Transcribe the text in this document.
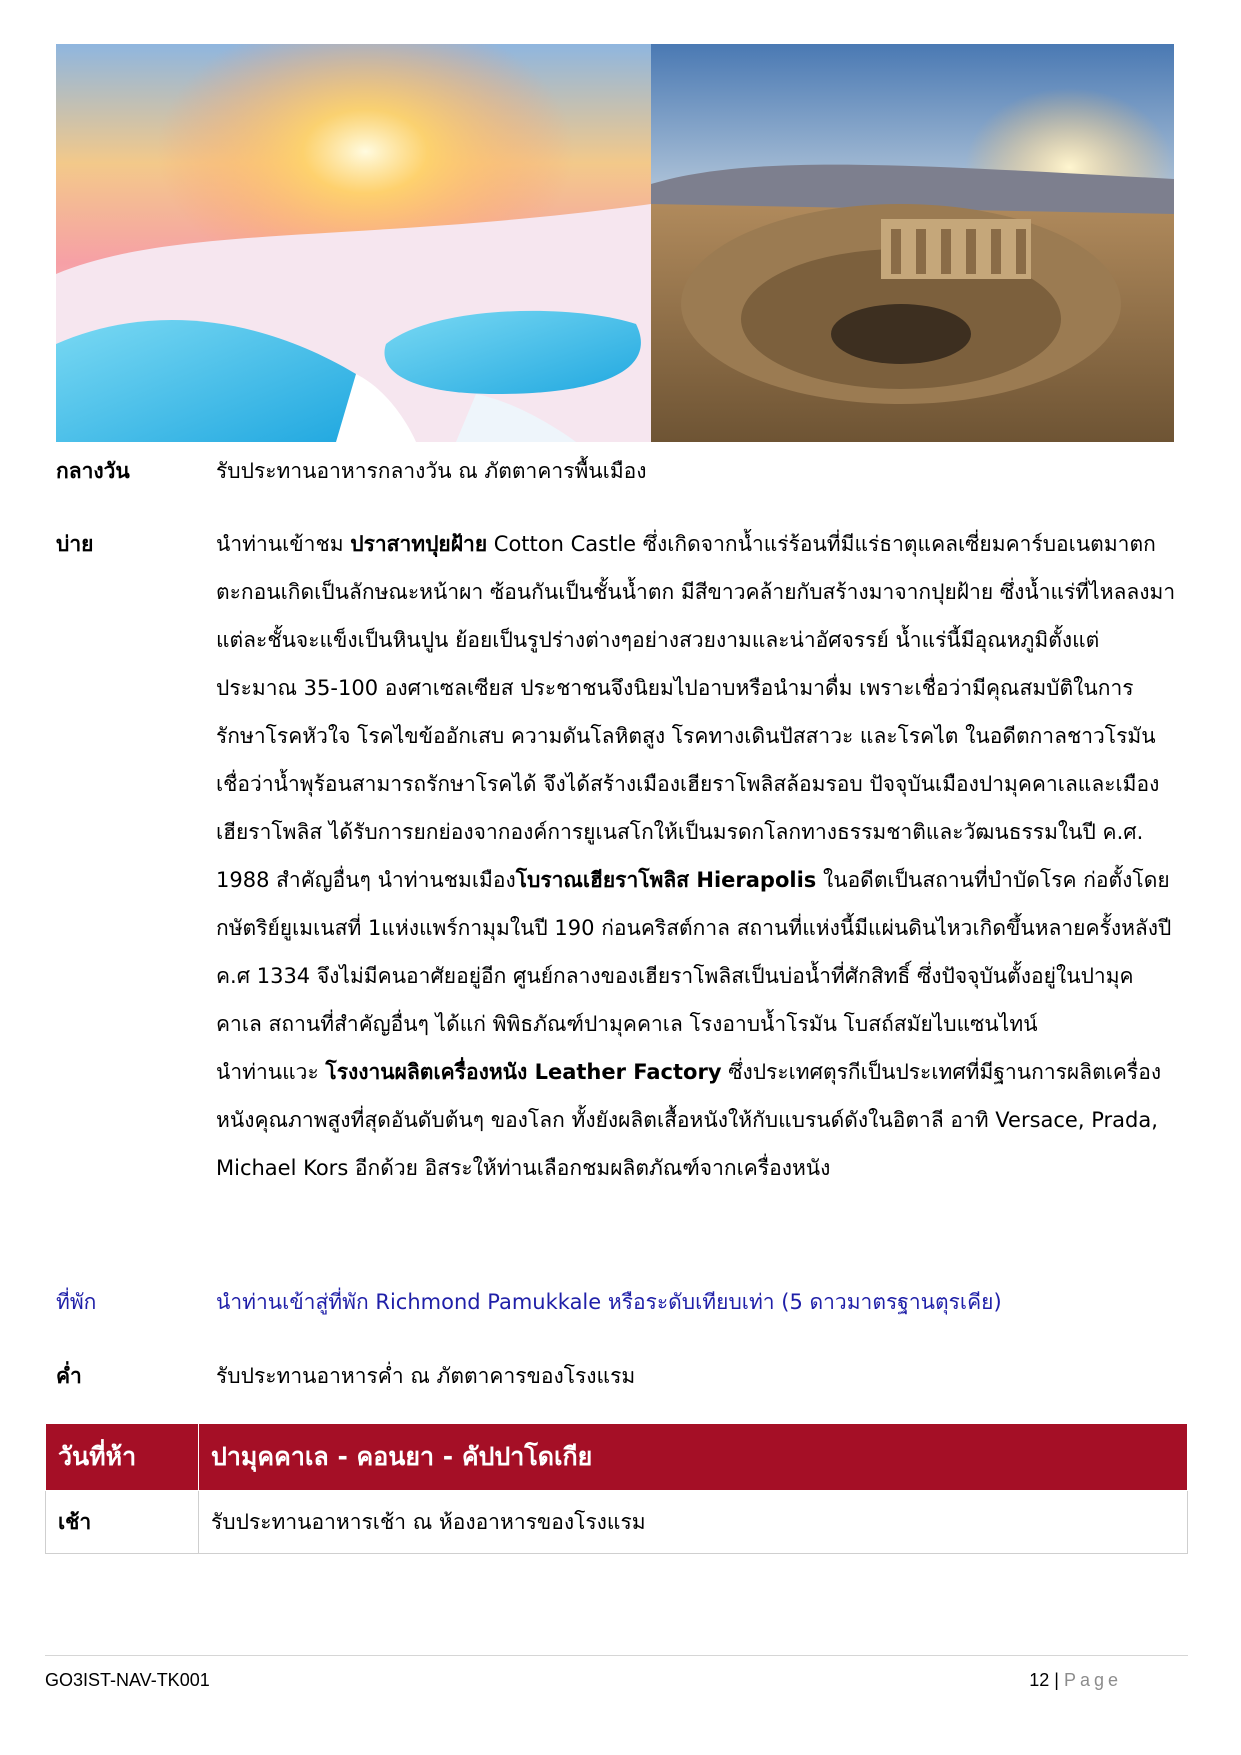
กลางวัน	รับประทานอาหารกลางวัน ณ ภัตตาคารพื้นเมือง
บ่าย	นำท่านเข้าชม ปราสาทปุยฝ้าย Cotton Castle ซึ่งเกิดจากน้ำแร่ร้อนที่มีแร่ธาตุแคลเซี่ยมคาร์บอเนตมาตกตะกอนเกิดเป็นลักษณะหน้าผา ซ้อนกันเป็นชั้นน้ำตก มีสีขาวคล้ายกับสร้างมาจากปุยฝ้าย ซึ่งน้ำแร่ที่ไหลลงมาแต่ละชั้นจะแข็งเป็นหินปูน ย้อยเป็นรูปร่างต่างๆอย่างสวยงามและน่าอัศจรรย์ น้ำแร่นี้มีอุณหภูมิตั้งแต่ประมาณ 35-100 องศาเซลเซียส ประชาชนจึงนิยมไปอาบหรือนำมาดื่ม เพราะเชื่อว่ามีคุณสมบัติในการรักษาโรคหัวใจ โรคไขข้ออักเสบ ความดันโลหิตสูง โรคทางเดินปัสสาวะ และโรคไต ในอดีตกาลชาวโรมันเชื่อว่าน้ำพุร้อนสามารถรักษาโรคได้ จึงได้สร้างเมืองเฮียราโพลิสล้อมรอบ ปัจจุบันเมืองปามุคคาเลและเมืองเฮียราโพลิส ได้รับการยกย่องจากองค์การยูเนสโกให้เป็นมรดกโลกทางธรรมชาติและวัฒนธรรมในปี ค.ศ. 1988 สำคัญอื่นๆ นำท่านชมเมืองโบราณเฮียราโพลิส Hierapolis ในอดีตเป็นสถานที่บำบัดโรค ก่อตั้งโดยกษัตริย์ยูเมเนสที่ 1แห่งแพร์กามุมในปี 190 ก่อนคริสต์กาล สถานที่แห่งนี้มีแผ่นดินไหวเกิดขึ้นหลายครั้งหลังปี ค.ศ 1334 จึงไม่มีคนอาศัยอยู่อีก ศูนย์กลางของเฮียราโพลิสเป็นบ่อน้ำที่ศักสิทธิ์ ซึ่งปัจจุบันตั้งอยู่ในปามุคคาเล สถานที่สำคัญอื่นๆ ได้แก่ พิพิธภัณฑ์ปามุคคาเล โรงอาบน้ำโรมัน โบสถ์สมัยไบแซนไทน์
นำท่านแวะ โรงงานผลิตเครื่องหนัง Leather Factory ซึ่งประเทศตุรกีเป็นประเทศที่มีฐานการผลิตเครื่องหนังคุณภาพสูงที่สุดอันดับต้นๆ ของโลก ทั้งยังผลิตเสื้อหนังให้กับแบรนด์ดังในอิตาลี อาทิ Versace, Prada, Michael Kors อีกด้วย อิสระให้ท่านเลือกชมผลิตภัณฑ์จากเครื่องหนัง
ที่พัก	นำท่านเข้าสู่ที่พัก Richmond Pamukkale หรือระดับเทียบเท่า (5 ดาวมาตรฐานตุรเคีย)
ค่ำ	รับประทานอาหารค่ำ ณ ภัตตาคารของโรงแรม
วันที่ห้า	ปามุคคาเล - คอนยา - คัปปาโดเกีย
เช้า	รับประทานอาหารเช้า ณ ห้องอาหารของโรงแรม
GO3IST-NAV-TK001	12 | Page
